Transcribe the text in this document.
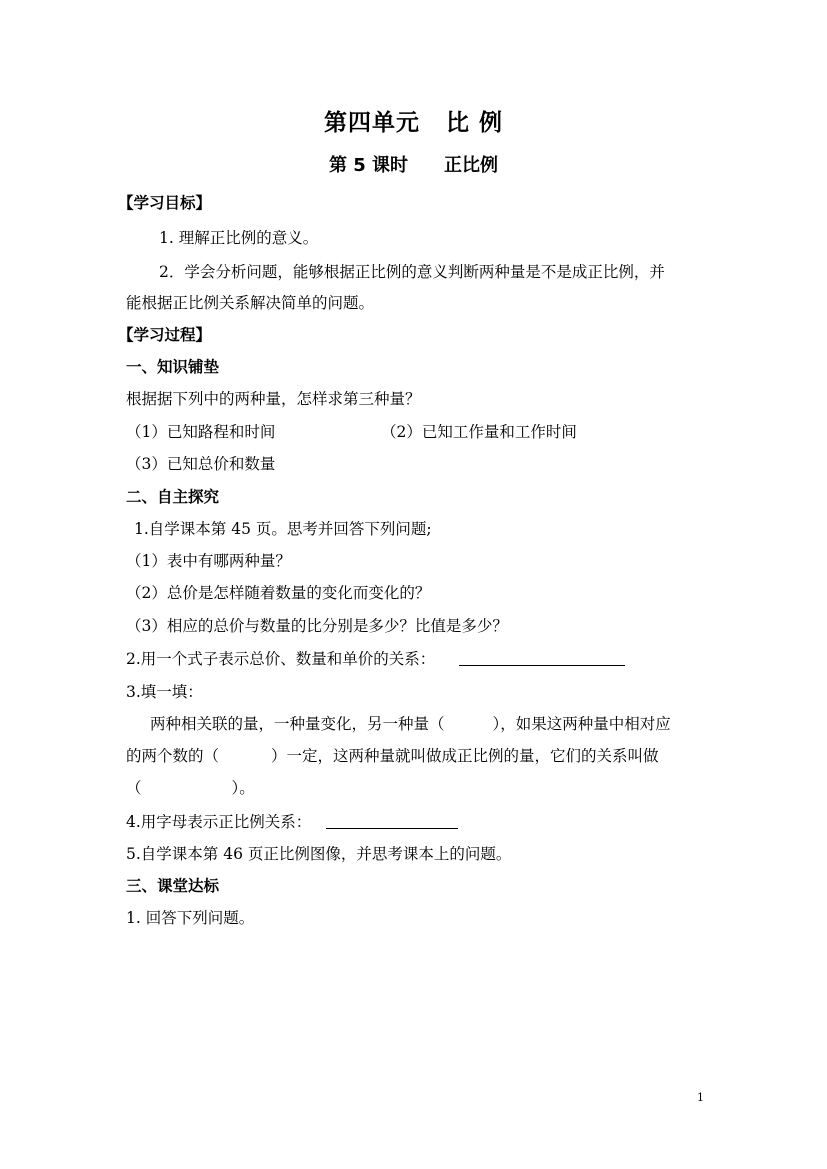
第四单元 比 例
第 5 课时 正比例
【学习目标】
1. 理解正比例的意义。
2．学会分析问题，能够根据正比例的意义判断两种量是不是成正比例，并
能根据正比例关系解决简单的问题。
【学习过程】
一、知识铺垫
根据据下列中的两种量，怎样求第三种量？
（1）已知路程和时间	（2）已知工作量和工作时间
（3）已知总价和数量
二、自主探究
1.自学课本第 45 页。思考并回答下列问题;
（1）表中有哪两种量？
（2）总价是怎样随着数量的变化而变化的？
（3）相应的总价与数量的比分别是多少？比值是多少？
2.用一个式子表示总价、数量和单价的关系：
3.填一填：
两种相关联的量，一种量变化，另一种量（	），如果这两种量中相对应
的两个数的（	）一定，这两种量就叫做成正比例的量，它们的关系叫做
（	）。
4.用字母表示正比例关系：
5.自学课本第 46 页正比例图像，并思考课本上的问题。
三、课堂达标
1. 回答下列问题。
1
